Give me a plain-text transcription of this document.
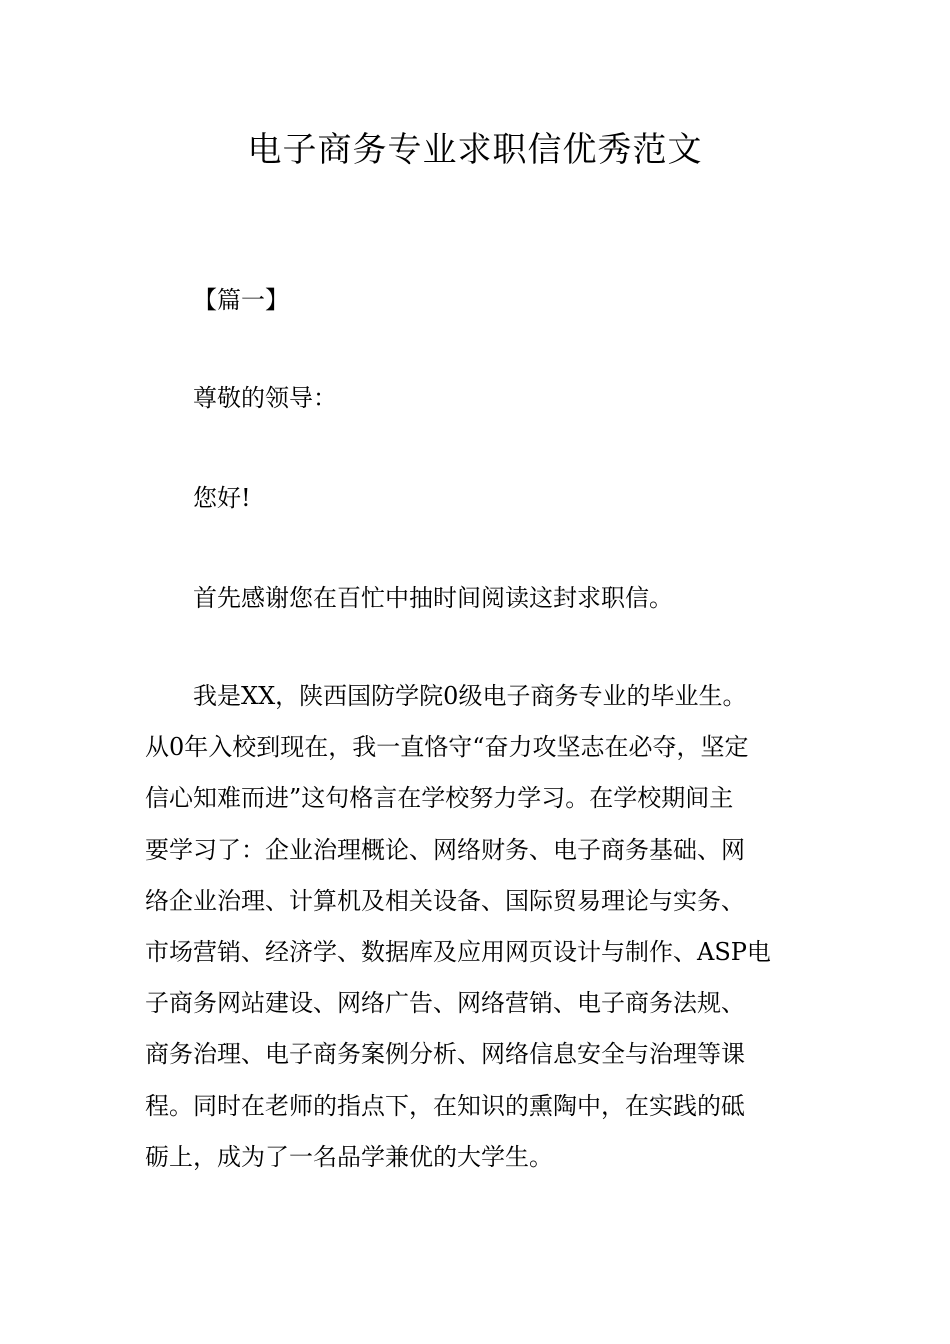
电子商务专业求职信优秀范文
【篇一】
尊敬的领导：
您好!
首先感谢您在百忙中抽时间阅读这封求职信。
我是XX，陕西国防学院0级电子商务专业的毕业生。
从0年入校到现在，我一直恪守“奋力攻坚志在必夺，坚定
信心知难而进”这句格言在学校努力学习。在学校期间主
要学习了：企业治理概论、网络财务、电子商务基础、网
络企业治理、计算机及相关设备、国际贸易理论与实务、
市场营销、经济学、数据库及应用网页设计与制作、ASP电
子商务网站建设、网络广告、网络营销、电子商务法规、
商务治理、电子商务案例分析、网络信息安全与治理等课
程。同时在老师的指点下，在知识的熏陶中，在实践的砥
砺上，成为了一名品学兼优的大学生。
